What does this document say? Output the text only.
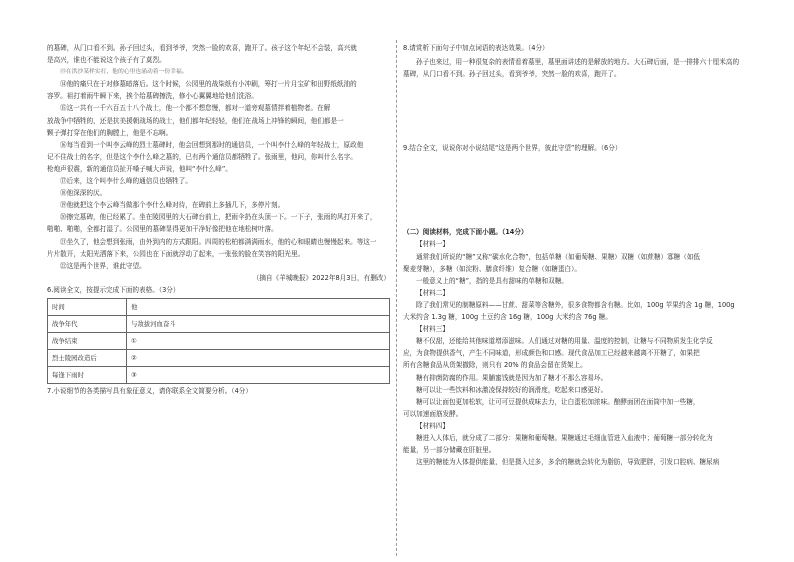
的墓碑，从门口看不到。孙子回过头，看到爷爷，突然一脸的欢喜，跑开了。孩子这个年纪不会装，高兴就

是高兴，谁也不能说这个孩子有了莫烈。

⑬在洪沙某样实打，他的心里也涌动着一份幸福。

⑭他的痛只在于对修墓暗落后。这个时候，公园里的战柒纸有小冲刷，筹打一片月宝矿和田野纸纸油的

容罗。祖打着雨牛瞬下来，挨个给墓碑擦洗，修小心翼翼地给他们洗浴。

⑮这一共有一千六百五十八个战士，他一个都不想怠慢，都对一道旁观墓情拌着植物者。在解

放战争中牺牲的，还是抗美援朝战场的战士，他们都年纪轻轻，他们在战场上冲锋的瞬间，他们都是一

颗子弹打穿在他们的胸膛上，他是不忘啊。

⑯每当看到一个叫李云峰的烈士墓碑时，他会回想到那时的通信员，一个叫李什么峰的年轻战士，原政他

记不住战士的名字，但是这个李什么峰之墓的，已有两个通信员都牺牲了。张雨里，他问，你叫什么名字。

枪炮声很震，新的通信员扯开嗓子喊大声说，他叫“李什么峰”。

⑰后来，这个叫李什么峰的通信员也牺牲了。

⑱他深深的厌。

⑲他就把这个李云峰当做那个李什么峰对待，在碑前上多插几下，多停片刻。

⑳擦完墓碑，他已经累了。坐在陵园里的大石碑台前上，把雨伞扔在头顶一下。一下子，张雨的风打开来了，

啪啪、啪啪，全都打湿了。公园里的墓碑显得更加干净好像把他在地松树叶落。

㉑坐久了，他会想到张雨，由外到内的方式跟阳。四周的松柏都满满雨水，他的心和眼睛也慢慢起来。等这一

片片散开，太阳光洒落下来，公园也在下面就浮动了起来，一张张的脸在笑容的阳光里。

㉒这是两个世界，谁此守望。

（摘自《羊城晚报》2022年8月3日，有删改）

6.阅读全文，按提示完成下面的表格。（3分）

时间	他
战争年代	与敌拔河血奋斗
战争结束	①
烈士陵园改造后	②
每逢下雨时	③

7.小说细节的各类描写具有象征意义，请你联系全文简要分析。（4分）

8.请赏析下面句子中加点词语的表达效果。（4分）

孙子也来过，用一种很复杂的表情看着墓里，墓里面讲述的是解放的地方。大石碑后面，是一排排六十厘米高的

墓碑，从门口看不到。孙子回过头，看到爷爷，突然一脸的欢喜，跑开了。

9.结合全文，说说你对小说结尾“这是两个世界，彼此守望”的理解。（6分）

（二）阅读材料，完成下面小题。（14分）

【材料一】

通常我们所说的“糖”又称“碳水化合物”，包括单糖（如葡萄糖、果糖）双糖（如蔗糖）寡糖（如低

聚麦芽糖），多糖（如淀粉、膳食纤维）复合糖（如糖蛋白）。

一般意义上的“糖”，指的是具有甜味的单糖和双糖。

【材料二】

除了我们常见的制糖原料——甘蔗、甜菜等含糖外，很多食物都含有糖。比如，100g 苹果约含 1g 糖，100g

大米约含 1.3g 糖，100g 土豆约含 16g 糖，100g 大米约含 76g 糖。

【材料三】

糖不仅甜，还能给其他味道增添滋味。人们通过对糖的用量、温度的控制，让糖与不同物质发生化学反

应，为食物提供香气，产生不同味道，形成颜色和口感。现代食品加工已经越来越离不开糖了，如果把

所有含糖食品从货架撤除，则只有 20% 的食品会留在货架上。

糖有抑菌防腐的作用。果脯蜜饯就是因为加了糖才不那么容易坏。

糖可以让一些饮料和冰激凌保持较好的润滑度，吃起来口感更好。

糖可以让面包更加松软，让可可豆提供成味去力，让白蛋松加浓味。酿酵面团在面筒中加一些糖，

可以加速面筋发酵。

【材料四】

糖进入人体后，就分成了二部分：果糖和葡萄糖。果糖通过毛细血管进入血液中；葡萄糖一部分转化为

能量，另一部分储藏在肝脏里。

这里的糖能为人体提供能量，但是摄入过多，多余的糖就会转化为脂肪，导致肥胖，引发口腔病、糖尿病
